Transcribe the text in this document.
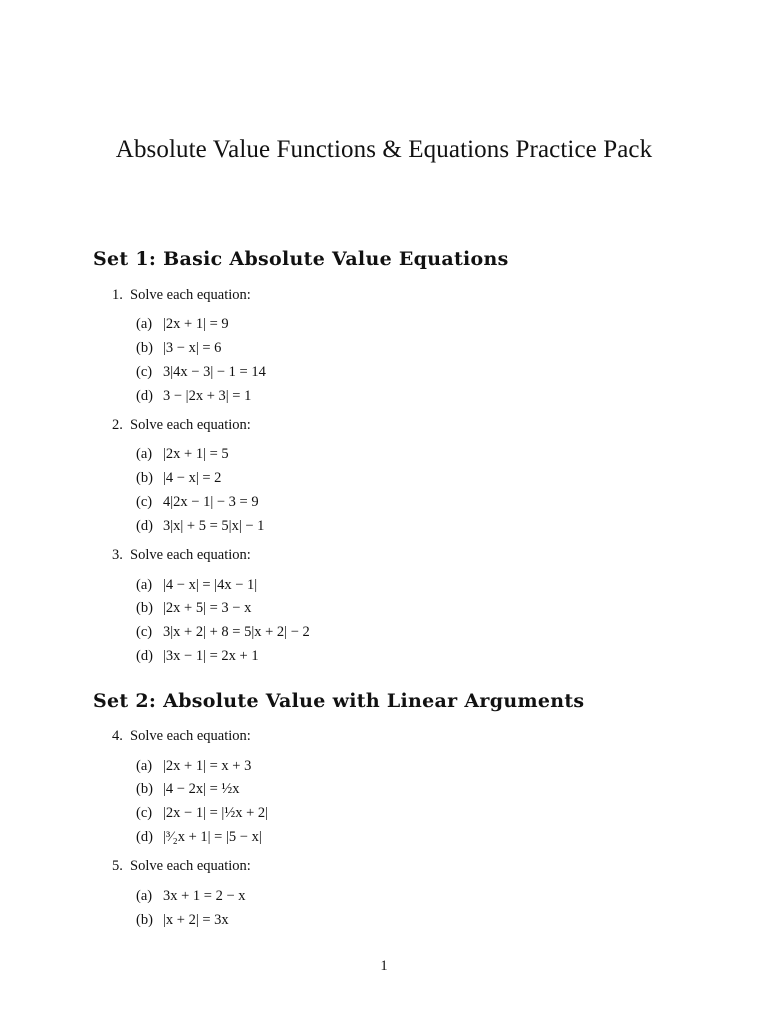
Absolute Value Functions & Equations Practice Pack
Set 1: Basic Absolute Value Equations
1. Solve each equation:
(a) |2x + 1| = 9
(b) |3 − x| = 6
(c) 3|4x − 3| − 1 = 14
(d) 3 − |2x + 3| = 1
2. Solve each equation:
(a) |2x + 1| = 5
(b) |4 − x| = 2
(c) 4|2x − 1| − 3 = 9
(d) 3|x| + 5 = 5|x| − 1
3. Solve each equation:
(a) |4 − x| = |4x − 1|
(b) |2x + 5| = 3 − x
(c) 3|x + 2| + 8 = 5|x + 2| − 2
(d) |3x − 1| = 2x + 1
Set 2: Absolute Value with Linear Arguments
4. Solve each equation:
(a) |2x + 1| = x + 3
(b) |4 − 2x| = ½x
(c) |2x − 1| = |½x + 2|
(d) |³⁄₂x + 1| = |5 − x|
5. Solve each equation:
(a) 3x + 1 = 2 − x
(b) |x + 2| = 3x
1
